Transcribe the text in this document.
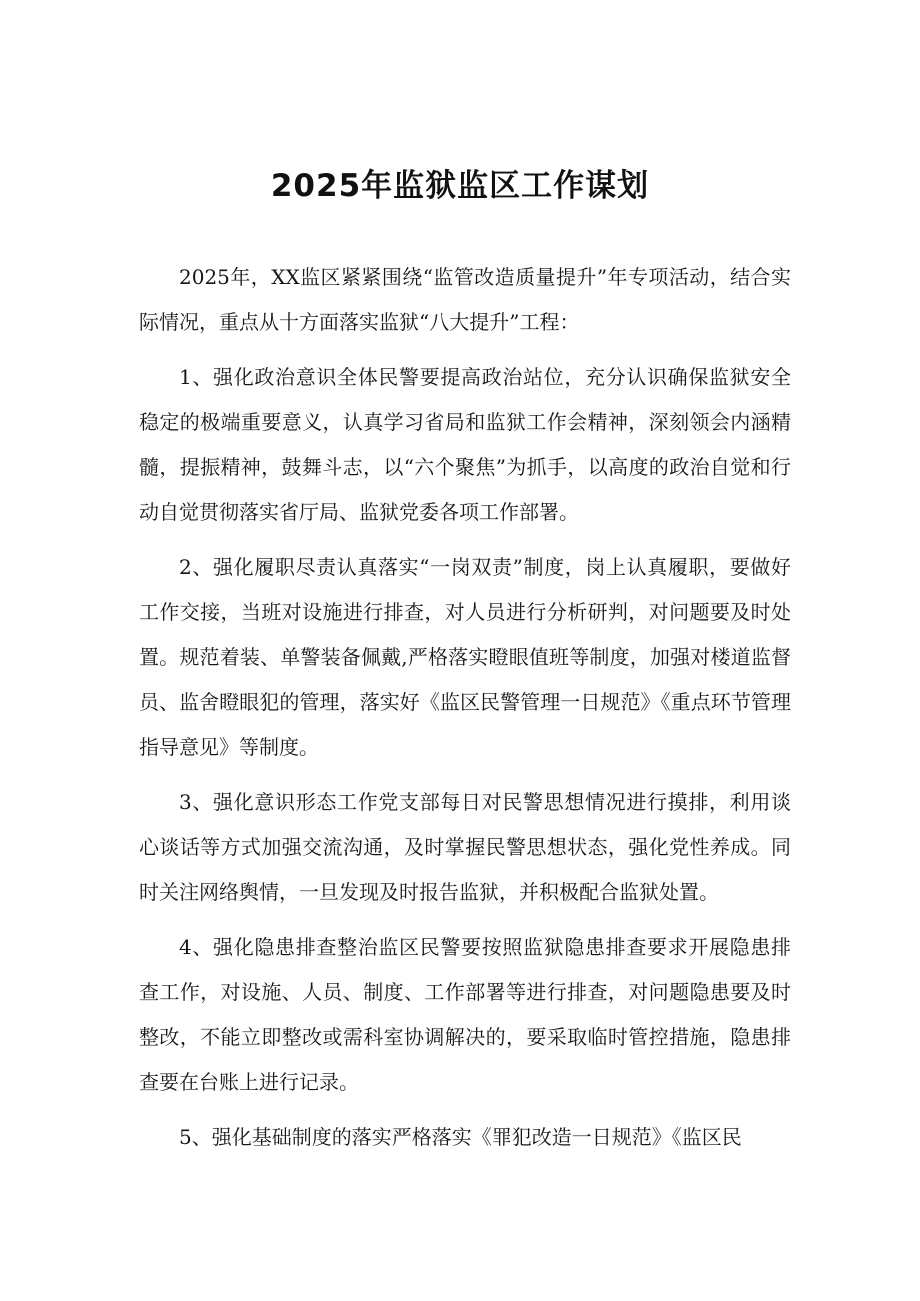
2025年监狱监区工作谋划

2025年，XX监区紧紧围绕“监管改造质量提升”年专项活动，结合实际情况，重点从十方面落实监狱“八大提升”工程：

1、强化政治意识全体民警要提高政治站位，充分认识确保监狱安全稳定的极端重要意义，认真学习省局和监狱工作会精神，深刻领会内涵精髓，提振精神，鼓舞斗志，以“六个聚焦”为抓手，以高度的政治自觉和行动自觉贯彻落实省厅局、监狱党委各项工作部署。

2、强化履职尽责认真落实“一岗双责”制度，岗上认真履职，要做好工作交接，当班对设施进行排查，对人员进行分析研判，对问题要及时处置。规范着装、单警装备佩戴,严格落实瞪眼值班等制度，加强对楼道监督员、监舍瞪眼犯的管理，落实好《监区民警管理一日规范》《重点环节管理指导意见》等制度。

3、强化意识形态工作党支部每日对民警思想情况进行摸排，利用谈心谈话等方式加强交流沟通，及时掌握民警思想状态，强化党性养成。同时关注网络舆情，一旦发现及时报告监狱，并积极配合监狱处置。

4、强化隐患排查整治监区民警要按照监狱隐患排查要求开展隐患排查工作，对设施、人员、制度、工作部署等进行排查，对问题隐患要及时整改，不能立即整改或需科室协调解决的，要采取临时管控措施，隐患排查要在台账上进行记录。

5、强化基础制度的落实严格落实《罪犯改造一日规范》《监区民
